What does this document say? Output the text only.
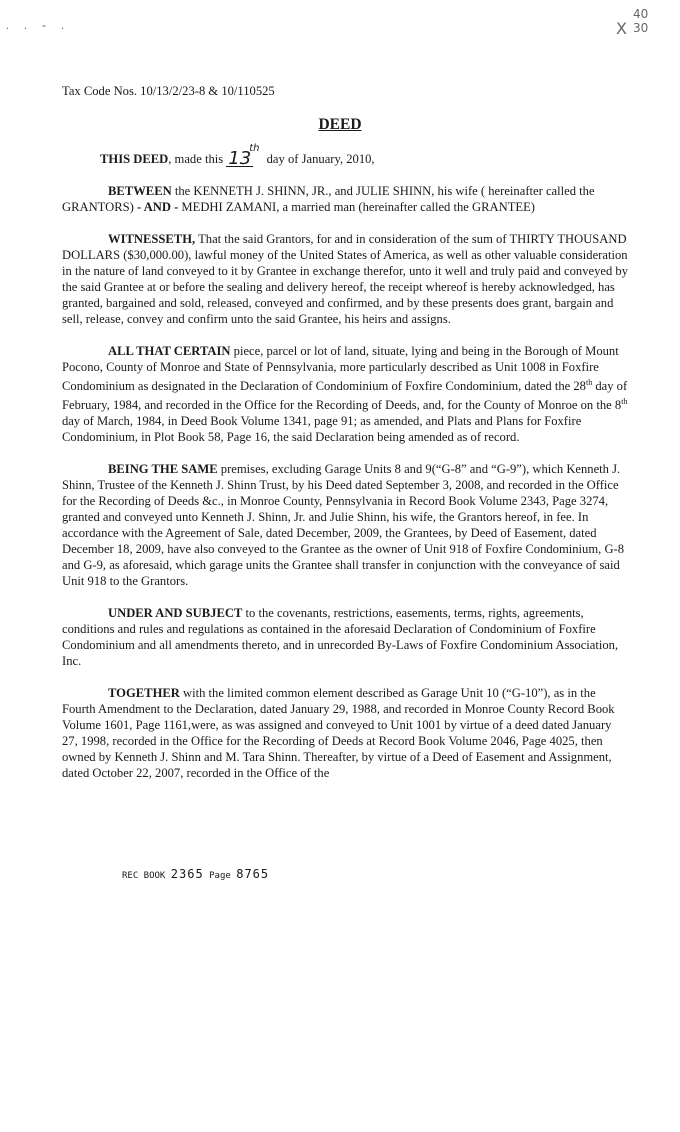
. . - .	X
40
30
Tax Code Nos. 10/13/2/23-8 & 10/110525
DEED

THIS DEED, made this 13th day of January, 2010,

BETWEEN the KENNETH J. SHINN, JR., and JULIE SHINN, his wife ( hereinafter called the GRANTORS) - AND - MEDHI ZAMANI, a married man (hereinafter called the GRANTEE)

WITNESSETH, That the said Grantors, for and in consideration of the sum of THIRTY THOUSAND DOLLARS ($30,000.00), lawful money of the United States of America, as well as other valuable consideration in the nature of land conveyed to it by Grantee in exchange therefor, unto it well and truly paid and conveyed by the said Grantee at or before the sealing and delivery hereof, the receipt whereof is hereby acknowledged, has granted, bargained and sold, released, conveyed and confirmed, and by these presents does grant, bargain and sell, release, convey and confirm unto the said Grantee, his heirs and assigns.

ALL THAT CERTAIN piece, parcel or lot of land, situate, lying and being in the Borough of Mount Pocono, County of Monroe and State of Pennsylvania, more particularly described as Unit 1008 in Foxfire Condominium as designated in the Declaration of Condominium of Foxfire Condominium, dated the 28th day of February, 1984, and recorded in the Office for the Recording of Deeds, and, for the County of Monroe on the 8th day of March, 1984, in Deed Book Volume 1341, page 91; as amended, and Plats and Plans for Foxfire Condominium, in Plot Book 58, Page 16, the said Declaration being amended as of record.

BEING THE SAME premises, excluding Garage Units 8 and 9(“G-8” and “G-9”), which Kenneth J. Shinn, Trustee of the Kenneth J. Shinn Trust, by his Deed dated September 3, 2008, and recorded in the Office for the Recording of Deeds &c., in Monroe County, Pennsylvania in Record Book Volume 2343, Page 3274, granted and conveyed unto Kenneth J. Shinn, Jr. and Julie Shinn, his wife, the Grantors hereof, in fee. In accordance with the Agreement of Sale, dated December, 2009, the Grantees, by Deed of Easement, dated December 18, 2009, have also conveyed to the Grantee as the owner of Unit 918 of Foxfire Condominium, G-8 and G-9, as aforesaid, which garage units the Grantee shall transfer in conjunction with the conveyance of said Unit 918 to the Grantors.

UNDER AND SUBJECT to the covenants, restrictions, easements, terms, rights, agreements, conditions and rules and regulations as contained in the aforesaid Declaration of Condominium of Foxfire Condominium and all amendments thereto, and in unrecorded By-Laws of Foxfire Condominium Association, Inc.

TOGETHER with the limited common element described as Garage Unit 10 (“G-10”), as in the Fourth Amendment to the Declaration, dated January 29, 1988, and recorded in Monroe County Record Book Volume 1601, Page 1161,were, as was assigned and conveyed to Unit 1001 by virtue of a deed dated January 27, 1998, recorded in the Office for the Recording of Deeds at Record Book Volume 2046, Page 4025, then owned by Kenneth J. Shinn and M. Tara Shinn. Thereafter, by virtue of a Deed of Easement and Assignment, dated October 22, 2007, recorded in the Office of the

REC BOOK 2365 Page 8765
